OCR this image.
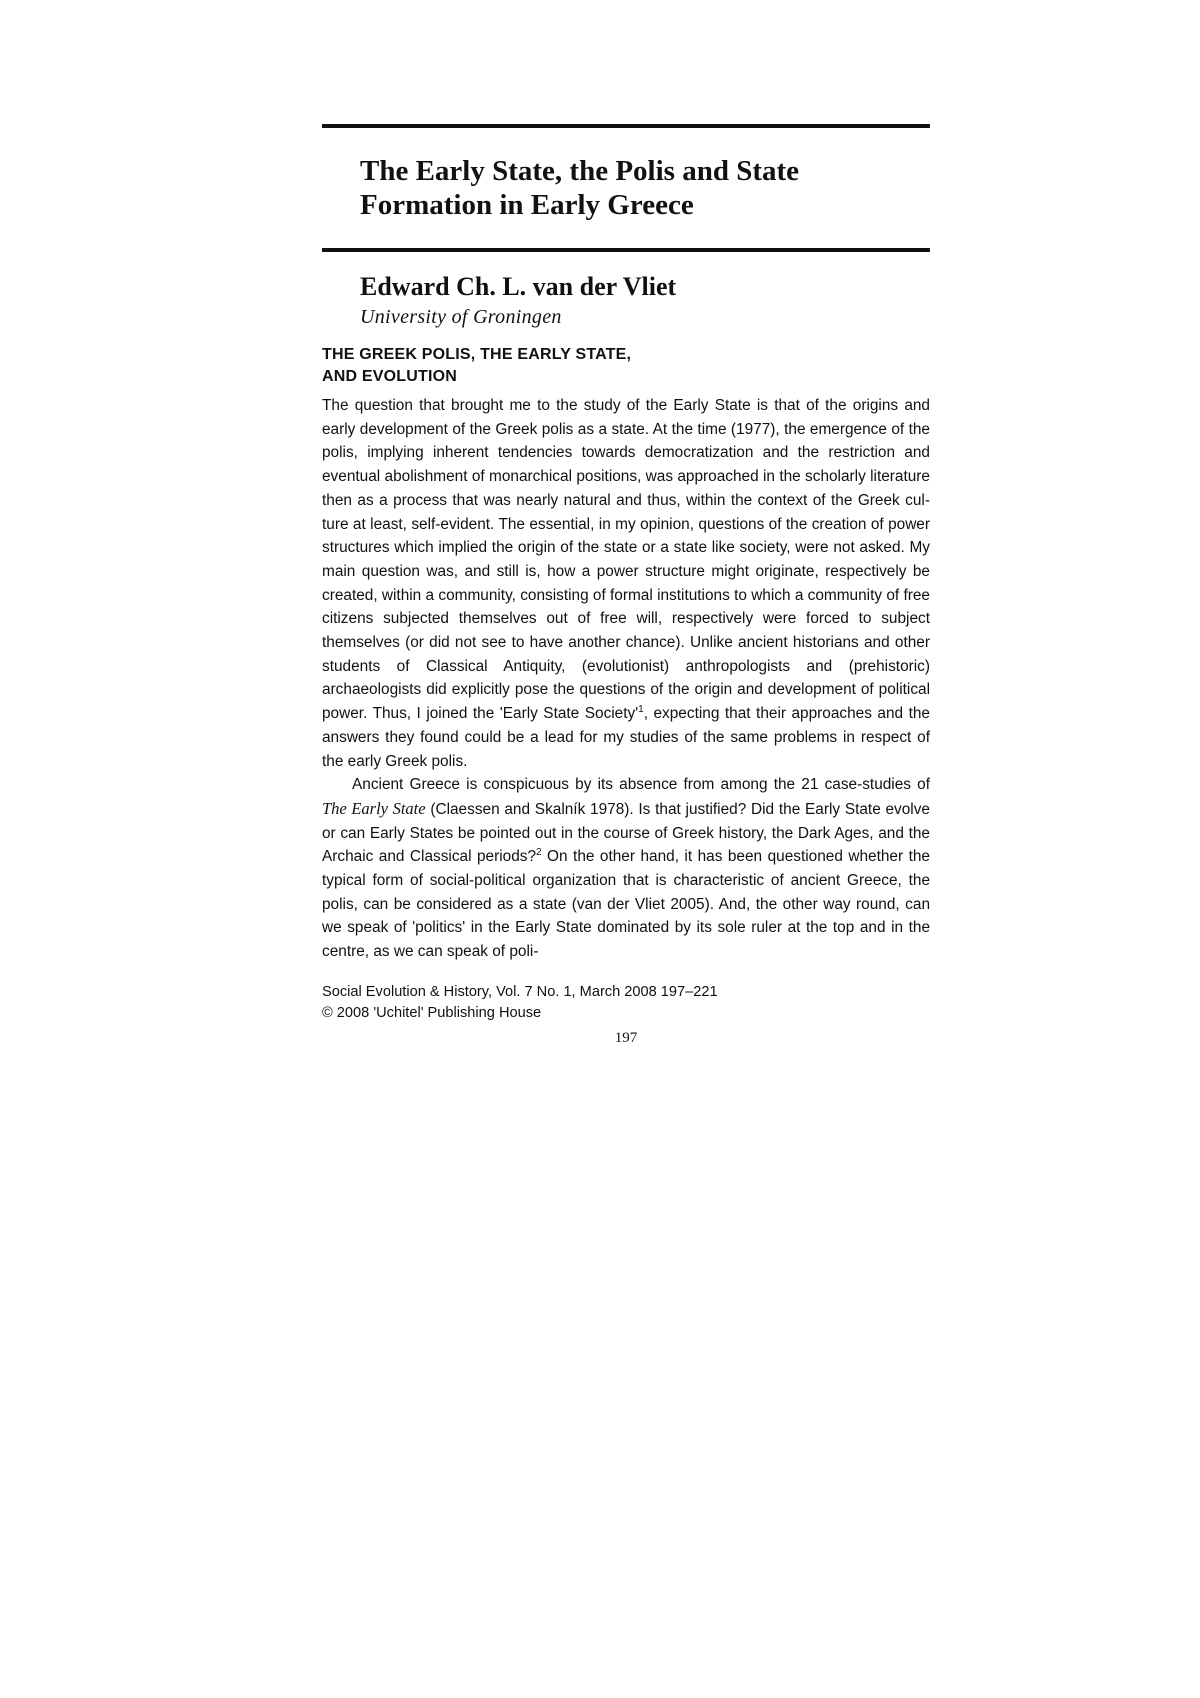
The Early State, the Polis and State
Formation in Early Greece
Edward Ch. L. van der Vliet
University of Groningen
THE GREEK POLIS, THE EARLY STATE,
AND EVOLUTION

The question that brought me to the study of the Early State is that of the origins and early development of the Greek polis as a state. At the time (1977), the emergence of the polis, implying inherent tendencies towards democratization and the restriction and eventual abolishment of monarchical positions, was approached in the scholarly literature then as a process that was nearly natural and thus, within the context of the Greek culture at least, self-evident. The essential, in my opinion, questions of the creation of power structures which implied the origin of the state or a state like society, were not asked. My main question was, and still is, how a power structure might originate, respectively be created, within a community, consisting of formal institutions to which a community of free citizens subjected themselves out of free will, respectively were forced to subject themselves (or did not see to have another chance). Unlike ancient historians and other students of Classical Antiquity, (evolutionist) anthropologists and (prehistoric) archaeologists did explicitly pose the questions of the origin and development of political power. Thus, I joined the 'Early State $Society'^1$, expecting that their approaches and the answers they found could be a lead for my studies of the same problems in respect of the early Greek polis.

Ancient Greece is conspicuous by its absence from among the 21 case-studies of The Early State (Claessen and Skalník 1978). Is that justified? Did the Early State evolve or can Early States be pointed out in the course of Greek history, the Dark Ages, and the Archaic and Classical periods?$^2$ On the other hand, it has been questioned whether the typical form of social-political organization that is characteristic of ancient Greece, the polis, can be considered as a state (van der Vliet 2005). And, the other way round, can we speak of 'politics' in the Early State dominated by its sole ruler at the top and in the centre, as we can speak of poli-

Social Evolution & History, Vol. 7 No. 1, March 2008 197–221
© 2008 'Uchitel' Publishing House
197
